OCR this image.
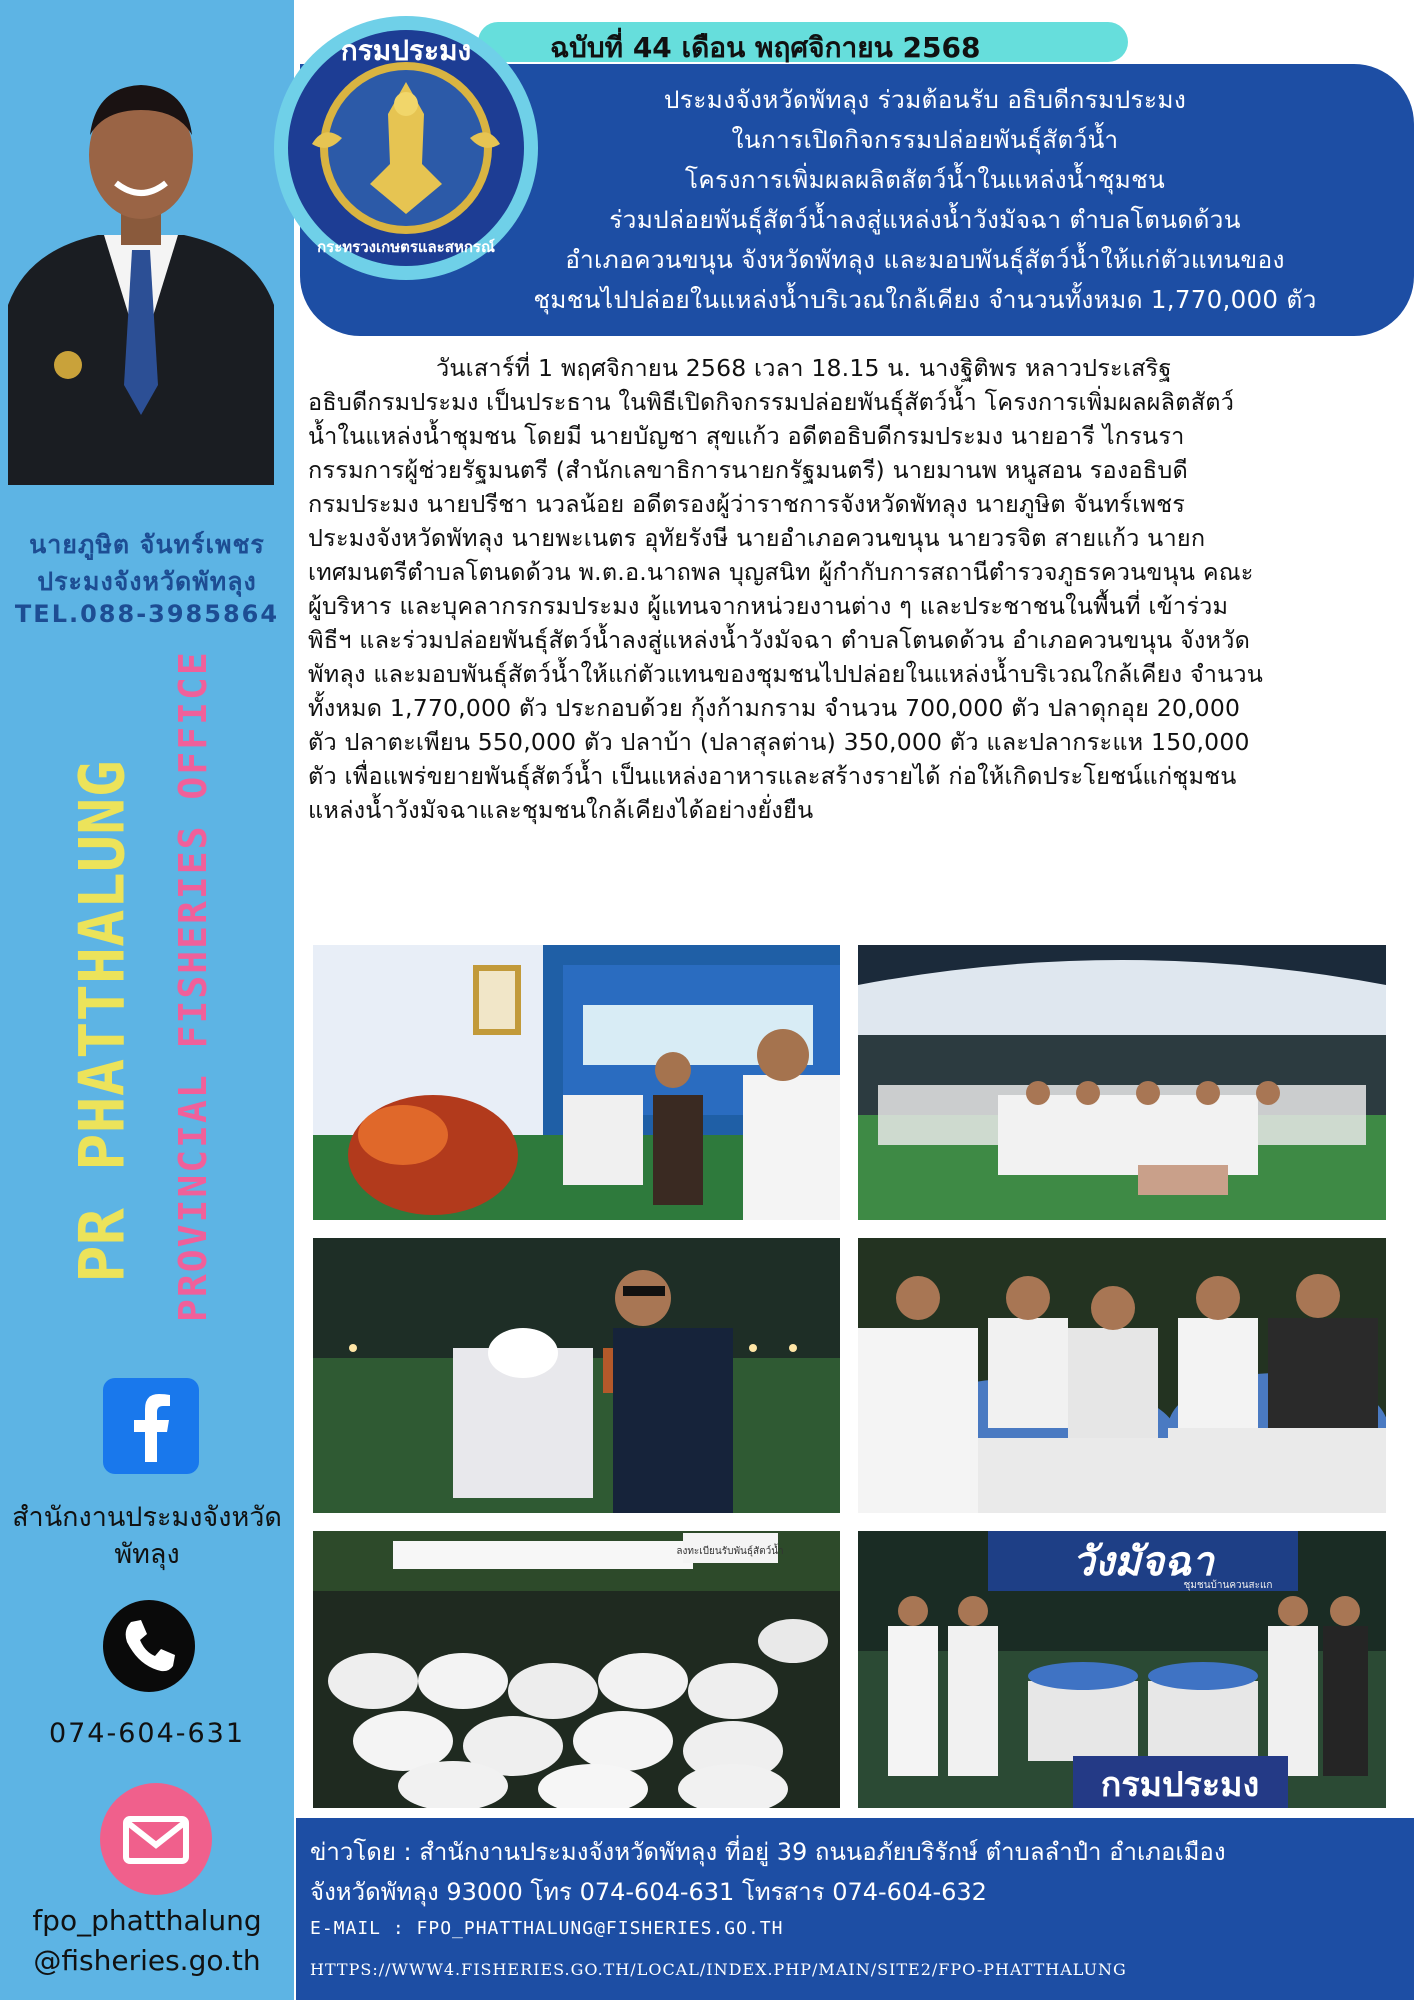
นายภูษิต จันทร์เพชร
ประมงจังหวัดพัทลุง
TEL.088-3985864
PR PHATTHALUNG PROVINCIAL FISHERIES OFFICE
สำนักงานประมงจังหวัด
พัทลุง
074-604-631
fpo_phatthalung
@fisheries.go.th
ฉบับที่ 44 เดือน พฤศจิกายน 2568
กรมประมง
กระทรวงเกษตรและสหกรณ์
ประมงจังหวัดพัทลุง ร่วมต้อนรับ อธิบดีกรมประมง
ในการเปิดกิจกรรมปล่อยพันธุ์สัตว์น้ำ
โครงการเพิ่มผลผลิตสัตว์น้ำในแหล่งน้ำชุมชน
ร่วมปล่อยพันธุ์สัตว์น้ำลงสู่แหล่งน้ำวังมัจฉา ตำบลโตนดด้วน
อำเภอควนขนุน จังหวัดพัทลุง และมอบพันธุ์สัตว์น้ำให้แก่ตัวแทนของ
ชุมชนไปปล่อยในแหล่งน้ำบริเวณใกล้เคียง จำนวนทั้งหมด 1,770,000 ตัว
วันเสาร์ที่ 1 พฤศจิกายน 2568 เวลา 18.15 น. นางฐิติพร หลาวประเสริฐ
อธิบดีกรมประมง เป็นประธาน ในพิธีเปิดกิจกรรมปล่อยพันธุ์สัตว์น้ำ โครงการเพิ่มผลผลิตสัตว์
น้ำในแหล่งน้ำชุมชน โดยมี นายบัญชา สุขแก้ว อดีตอธิบดีกรมประมง นายอารี ไกรนรา
กรรมการผู้ช่วยรัฐมนตรี (สำนักเลขาธิการนายกรัฐมนตรี) นายมานพ หนูสอน รองอธิบดี
กรมประมง นายปรีชา นวลน้อย อดีตรองผู้ว่าราชการจังหวัดพัทลุง นายภูษิต จันทร์เพชร
ประมงจังหวัดพัทลุง นายพะเนตร อุทัยรังษี นายอำเภอควนขนุน นายวรจิต สายแก้ว นายก
เทศมนตรีตำบลโตนดด้วน พ.ต.อ.นาถพล บุญสนิท ผู้กำกับการสถานีตำรวจภูธรควนขนุน คณะ
ผู้บริหาร และบุคลากรกรมประมง ผู้แทนจากหน่วยงานต่าง ๆ และประชาชนในพื้นที่ เข้าร่วม
พิธีฯ และร่วมปล่อยพันธุ์สัตว์น้ำลงสู่แหล่งน้ำวังมัจฉา ตำบลโตนดด้วน อำเภอควนขนุน จังหวัด
พัทลุง และมอบพันธุ์สัตว์น้ำให้แก่ตัวแทนของชุมชนไปปล่อยในแหล่งน้ำบริเวณใกล้เคียง จำนวน
ทั้งหมด 1,770,000 ตัว ประกอบด้วย กุ้งก้ามกราม จำนวน 700,000 ตัว ปลาดุกอุย 20,000
ตัว ปลาตะเพียน 550,000 ตัว ปลาบ้า (ปลาสุลต่าน) 350,000 ตัว และปลากระแห 150,000
ตัว เพื่อแพร่ขยายพันธุ์สัตว์น้ำ เป็นแหล่งอาหารและสร้างรายได้ ก่อให้เกิดประโยชน์แก่ชุมชน
แหล่งน้ำวังมัจฉาและชุมชนใกล้เคียงได้อย่างยั่งยืน
ลงทะเบียนรับพันธุ์สัตว์น้ำ	วังมัจฉา
ชุมชนบ้านควนสะแก
กรมประมง
ข่าวโดย : สำนักงานประมงจังหวัดพัทลุง ที่อยู่ 39 ถนนอภัยบริรักษ์ ตำบลลำปำ อำเภอเมือง
จังหวัดพัทลุง 93000 โทร 074-604-631 โทรสาร 074-604-632
E-MAIL : FPO_PHATTHALUNG@FISHERIES.GO.TH
HTTPS://WWW4.FISHERIES.GO.TH/LOCAL/INDEX.PHP/MAIN/SITE2/FPO-PHATTHALUNG
